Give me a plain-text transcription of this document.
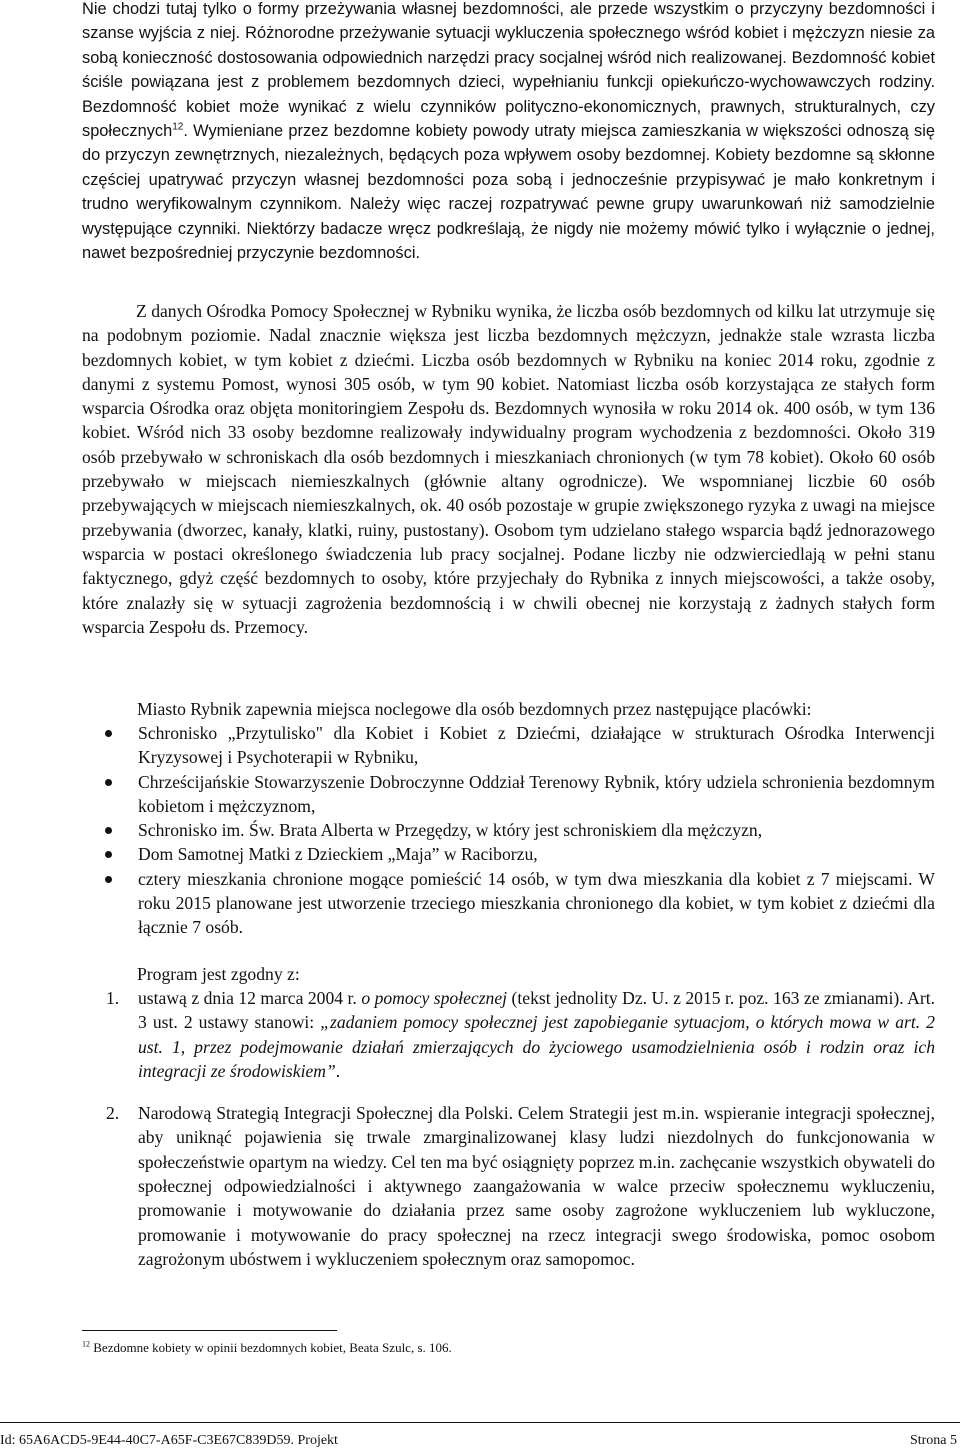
Nie chodzi tutaj tylko o formy przeżywania własnej bezdomności, ale przede wszystkim o przyczyny bezdomności i szanse wyjścia z niej. Różnorodne przeżywanie sytuacji wykluczenia społecznego wśród kobiet i mężczyzn niesie za sobą konieczność dostosowania odpowiednich narzędzi pracy socjalnej wśród nich realizowanej. Bezdomność kobiet ściśle powiązana jest z problemem bezdomnych dzieci, wypełnianiu funkcji opiekuńczo-wychowawczych rodziny. Bezdomność kobiet może wynikać z wielu czynników polityczno-ekonomicznych, prawnych, strukturalnych, czy społecznych$^{12}$. Wymieniane przez bezdomne kobiety powody utraty miejsca zamieszkania w większości odnoszą się do przyczyn zewnętrznych, niezależnych, będących poza wpływem osoby bezdomnej. Kobiety bezdomne są skłonne częściej upatrywać przyczyn własnej bezdomności poza sobą i jednocześnie przypisywać je mało konkretnym i trudno weryfikowalnym czynnikom. Należy więc raczej rozpatrywać pewne grupy uwarunkowań niż samodzielnie występujące czynniki. Niektórzy badacze wręcz podkreślają, że nigdy nie możemy mówić tylko i wyłącznie o jednej, nawet bezpośredniej przyczynie bezdomności.
Z danych Ośrodka Pomocy Społecznej w Rybniku wynika, że liczba osób bezdomnych od kilku lat utrzymuje się na podobnym poziomie. Nadal znacznie większa jest liczba bezdomnych mężczyzn, jednakże stale wzrasta liczba bezdomnych kobiet, w tym kobiet z dziećmi. Liczba osób bezdomnych w Rybniku na koniec 2014 roku, zgodnie z danymi z systemu Pomost, wynosi 305 osób, w tym 90 kobiet. Natomiast liczba osób korzystająca ze stałych form wsparcia Ośrodka oraz objęta monitoringiem Zespołu ds. Bezdomnych wynosiła w roku 2014 ok. 400 osób, w tym 136 kobiet. Wśród nich 33 osoby bezdomne realizowały indywidualny program wychodzenia z bezdomności. Około 319 osób przebywało w schroniskach dla osób bezdomnych i mieszkaniach chronionych (w tym 78 kobiet). Około 60 osób przebywało w miejscach niemieszkalnych (głównie altany ogrodnicze). We wspomnianej liczbie 60 osób przebywających w miejscach niemieszkalnych, ok. 40 osób pozostaje w grupie zwiększonego ryzyka z uwagi na miejsce przebywania (dworzec, kanały, klatki, ruiny, pustostany). Osobom tym udzielano stałego wsparcia bądź jednorazowego wsparcia w postaci określonego świadczenia lub pracy socjalnej. Podane liczby nie odzwierciedlają w pełni stanu faktycznego, gdyż część bezdomnych to osoby, które przyjechały do Rybnika z innych miejscowości, a także osoby, które znalazły się w sytuacji zagrożenia bezdomnością i w chwili obecnej nie korzystają z żadnych stałych form wsparcia Zespołu ds. Przemocy.
Miasto Rybnik zapewnia miejsca noclegowe dla osób bezdomnych przez następujące placówki:
Schronisko „Przytulisko" dla Kobiet i Kobiet z Dziećmi, działające w strukturach Ośrodka Interwencji Kryzysowej i Psychoterapii w Rybniku,
Chrześcijańskie Stowarzyszenie Dobroczynne Oddział Terenowy Rybnik, który udziela schronienia bezdomnym kobietom i mężczyznom,
Schronisko im. Św. Brata Alberta w Przegędzy, w który jest schroniskiem dla mężczyzn,
Dom Samotnej Matki z Dzieckiem „Maja” w Raciborzu,
cztery mieszkania chronione mogące pomieścić 14 osób, w tym dwa mieszkania dla kobiet z 7 miejscami. W roku 2015 planowane jest utworzenie trzeciego mieszkania chronionego dla kobiet, w tym kobiet z dziećmi dla łącznie 7 osób.
Program jest zgodny z:
1. ustawą z dnia 12 marca 2004 r. o pomocy społecznej (tekst jednolity Dz. U. z 2015 r. poz. 163 ze zmianami). Art. 3 ust. 2 ustawy stanowi: „zadaniem pomocy społecznej jest zapobieganie sytuacjom, o których mowa w art. 2 ust. 1, przez podejmowanie działań zmierzających do życiowego usamodzielnienia osób i rodzin oraz ich integracji ze środowiskiem”.
2. Narodową Strategią Integracji Społecznej dla Polski. Celem Strategii jest m.in. wspieranie integracji społecznej, aby uniknąć pojawienia się trwale zmarginalizowanej klasy ludzi niezdolnych do funkcjonowania w społeczeństwie opartym na wiedzy. Cel ten ma być osiągnięty poprzez m.in. zachęcanie wszystkich obywateli do społecznej odpowiedzialności i aktywnego zaangażowania w walce przeciw społecznemu wykluczeniu, promowanie i motywowanie do działania przez same osoby zagrożone wykluczeniem lub wykluczone, promowanie i motywowanie do pracy społecznej na rzecz integracji swego środowiska, pomoc osobom zagrożonym ubóstwem i wykluczeniem społecznym oraz samopomoc.
$^{12}$ Bezdomne kobiety w opinii bezdomnych kobiet, Beata Szulc, s. 106.
Id: 65A6ACD5-9E44-40C7-A65F-C3E67C839D59. Projekt	Strona 5
